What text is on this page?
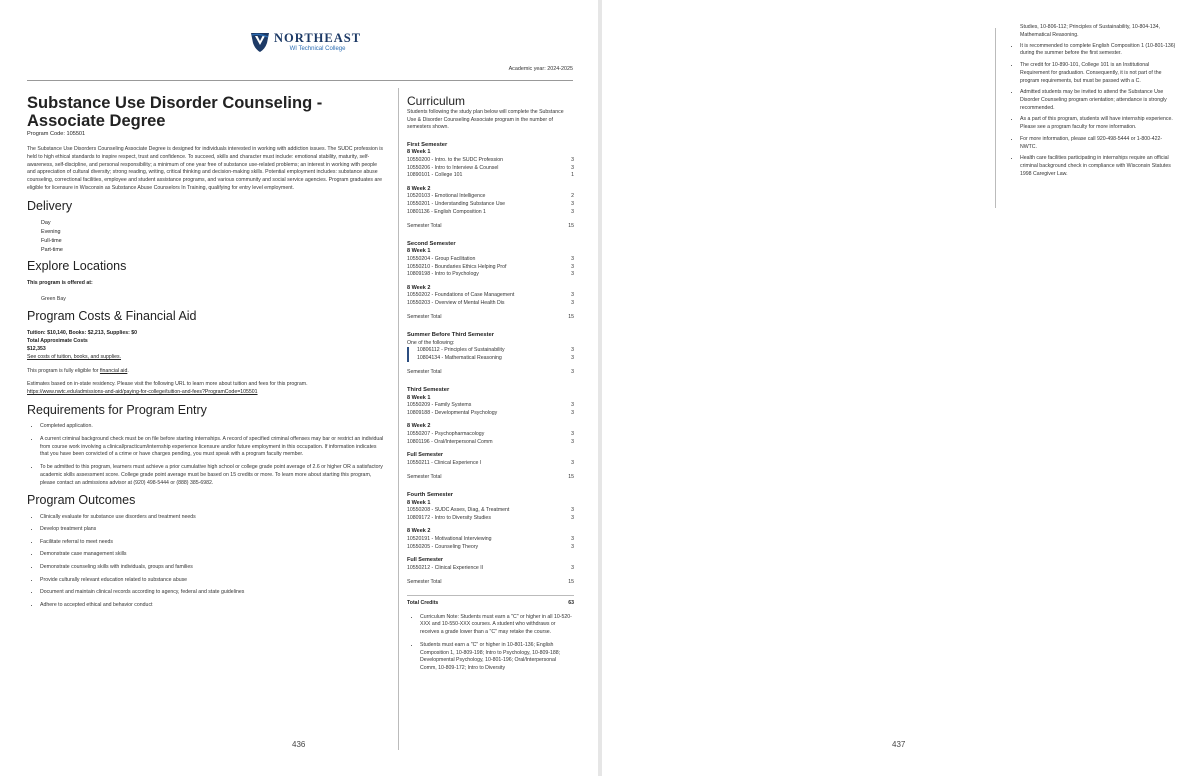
NORTHEAST
WI Technical College
Academic year: 2024-2025
Substance Use Disorder Counseling - Associate Degree
Program Code: 105501
The Substance Use Disorders Counseling Associate Degree is designed for individuals interested in working with addiction issues. The SUDC profession is held to high ethical standards to inspire respect, trust and confidence. To succeed, skills and character must include: emotional stability, maturity, self-awareness, self-discipline, and personal responsibility; a minimum of one year free of substance use-related problems; an interest in working with people and appreciation of cultural diversity; strong reading, writing, critical thinking and decision-making skills. Potential employment includes: substance abuse counseling, correctional facilities, employee and student assistance programs, and various community and social service agencies. Program graduates are eligible for licensure in Wisconsin as Substance Abuse Counselors In Training, qualifying for entry level employment.
Delivery
Day
Evening
Full-time
Part-time
Explore Locations
This program is offered at:
Green Bay
Program Costs & Financial Aid
Tuition: $10,140, Books: $2,213, Supplies: $0
Total Approximate Costs
$12,353
See costs of tuition, books, and supplies.
This program is fully eligible for financial aid.
Estimates based on in-state residency. Please visit the following URL to learn more about tuition and fees for this program.
https://www.nwtc.edu/admissions-and-aid/paying-for-college/tuition-and-fees?ProgramCode=105501
Requirements for Program Entry
• Completed application.
• A current criminal background check must be on file before starting internships. A record of specified criminal offenses may bar or restrict an individual from course work involving a clinical/practicum/internship experience licensure and/or future employment in this occupation. If information indicates that you have been convicted of a crime or have charges pending, you must speak with a program faculty member.
• To be admitted to this program, learners must achieve a prior cumulative high school or college grade point average of 2.6 or higher OR a satisfactory academic skills assessment score. College grade point average must be based on 15 credits or more. To learn more about starting this program, please contact an admissions advisor at (920) 498-5444 or (888) 385-6982.
Program Outcomes
• Clinically evaluate for substance use disorders and treatment needs
• Develop treatment plans
• Facilitate referral to meet needs
• Demonstrate case management skills
• Demonstrate counseling skills with individuals, groups and families
• Provide culturally relevant education related to substance abuse
• Document and maintain clinical records according to agency, federal and state guidelines
• Adhere to accepted ethical and behavior conduct
Curriculum
Students following the study plan below will complete the Substance Use & Disorder Counseling Associate program in the number of semesters shown.
First Semester
8 Week 1
10550200 - Intro. to the SUDC Profession	3
10550206 - Intro to Interview & Counsel	3
10890101 - College 101	1
8 Week 2
10520103 - Emotional Intelligence	2
10550201 - Understanding Substance Use	3
10801136 - English Composition 1	3
Semester Total	15
Second Semester
8 Week 1
10550204 - Group Facilitation	3
10550210 - Boundaries Ethics Helping Prof	3
10809198 - Intro to Psychology	3
8 Week 2
10550202 - Foundations of Case Management	3
10550203 - Overview of Mental Health Dis	3
Semester Total	15
Summer Before Third Semester
One of the following:
10806112 - Principles of Sustainability	3
10804134 - Mathematical Reasoning	3
Semester Total	3
Third Semester
8 Week 1
10550209 - Family Systems	3
10809188 - Developmental Psychology	3
8 Week 2
10550207 - Psychopharmacology	3
10801196 - Oral/Interpersonal Comm	3
Full Semester
10550211 - Clinical Experience I	3
Semester Total	15
Fourth Semester
8 Week 1
10550208 - SUDC Asses, Diag, & Treatment	3
10809172 - Intro to Diversity Studies	3
8 Week 2
10520191 - Motivational Interviewing	3
10550205 - Counseling Theory	3
Full Semester
10550212 - Clinical Experience II	3
Semester Total	15
Total Credits	63
• Curriculum Note: Students must earn a "C" or higher in all 10-520-XXX and 10-550-XXX courses. A student who withdraws or receives a grade lower than a "C" may retake the course.
• Students must earn a "C" or higher in 10-801-136; English Composition 1, 10-809-198; Intro to Psychology, 10-809-188; Developmental Psychology, 10-801-196; Oral/Interpersonal Comm, 10-809-172; Intro to Diversity
436
Studies, 10-806-112; Principles of Sustainability, 10-804-134, Mathematical Reasoning.
• It is recommended to complete English Composition 1 (10-801-136) during the summer before the first semester.
• The credit for 10-890-101, College 101 is an Institutional Requirement for graduation. Consequently, it is not part of the program requirements, but must be passed with a C.
• Admitted students may be invited to attend the Substance Use Disorder Counseling program orientation; attendance is strongly recommended.
• As a part of this program, students will have internship experience. Please see a program faculty for more information.
• For more information, please call 920-498-5444 or 1-800-422-NWTC.
• Health care facilities participating in internships require an official criminal background check in compliance with Wisconsin Statutes 1998 Caregiver Law.
437
